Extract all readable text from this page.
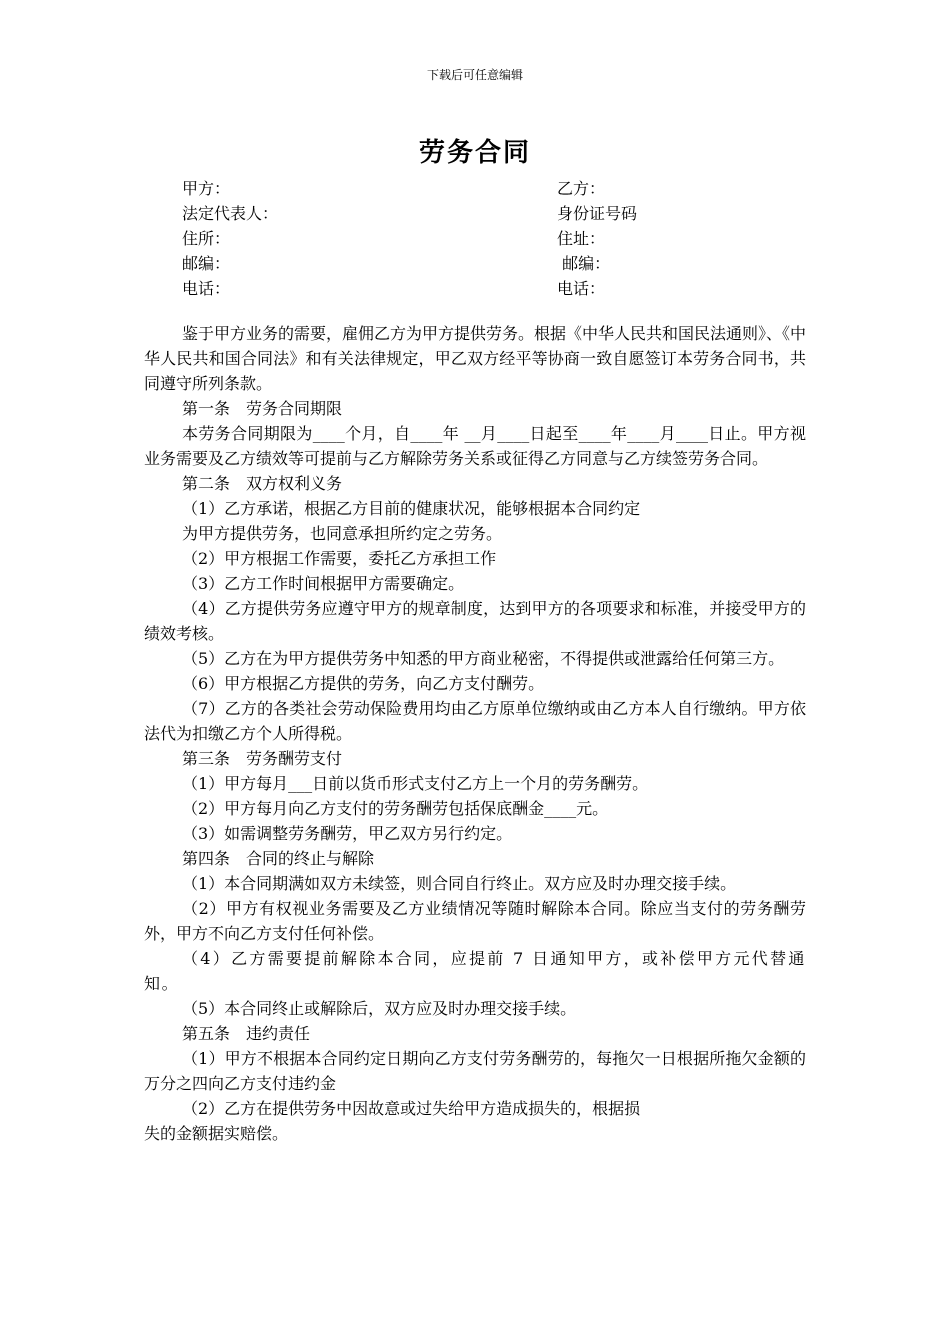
下载后可任意编辑
劳务合同
甲方：	乙方：
法定代表人：	身份证号码
住所：	住址：
邮编：	邮编：
电话：	电话：

鉴于甲方业务的需要，雇佣乙方为甲方提供劳务。根据《中华人民共和国民法通则》、《中华人民共和国合同法》和有关法律规定，甲乙双方经平等协商一致自愿签订本劳务合同书，共同遵守所列条款。

第一条　劳务合同期限

本劳务合同期限为____个月，自____年 __月____日起至____年____月____日止。甲方视业务需要及乙方绩效等可提前与乙方解除劳务关系或征得乙方同意与乙方续签劳务合同。

第二条　双方权利义务

（1）乙方承诺，根据乙方目前的健康状况，能够根据本合同约定

为甲方提供劳务，也同意承担所约定之劳务。

（2）甲方根据工作需要，委托乙方承担工作

（3）乙方工作时间根据甲方需要确定。

（4）乙方提供劳务应遵守甲方的规章制度，达到甲方的各项要求和标准，并接受甲方的绩效考核。

（5）乙方在为甲方提供劳务中知悉的甲方商业秘密，不得提供或泄露给任何第三方。

（6）甲方根据乙方提供的劳务，向乙方支付酬劳。

（7）乙方的各类社会劳动保险费用均由乙方原单位缴纳或由乙方本人自行缴纳。甲方依法代为扣缴乙方个人所得税。

第三条　劳务酬劳支付

（1）甲方每月___日前以货币形式支付乙方上一个月的劳务酬劳。

（2）甲方每月向乙方支付的劳务酬劳包括保底酬金____元。

（3）如需调整劳务酬劳，甲乙双方另行约定。

第四条　合同的终止与解除

（1）本合同期满如双方未续签，则合同自行终止。双方应及时办理交接手续。

（2）甲方有权视业务需要及乙方业绩情况等随时解除本合同。除应当支付的劳务酬劳外，甲方不向乙方支付任何补偿。

（4）乙方需要提前解除本合同，应提前 7 日通知甲方，或补偿甲方元代替通知。

（5）本合同终止或解除后，双方应及时办理交接手续。

第五条　违约责任

（1）甲方不根据本合同约定日期向乙方支付劳务酬劳的，每拖欠一日根据所拖欠金额的万分之四向乙方支付违约金

（2）乙方在提供劳务中因故意或过失给甲方造成损失的，根据损

失的金额据实赔偿。
